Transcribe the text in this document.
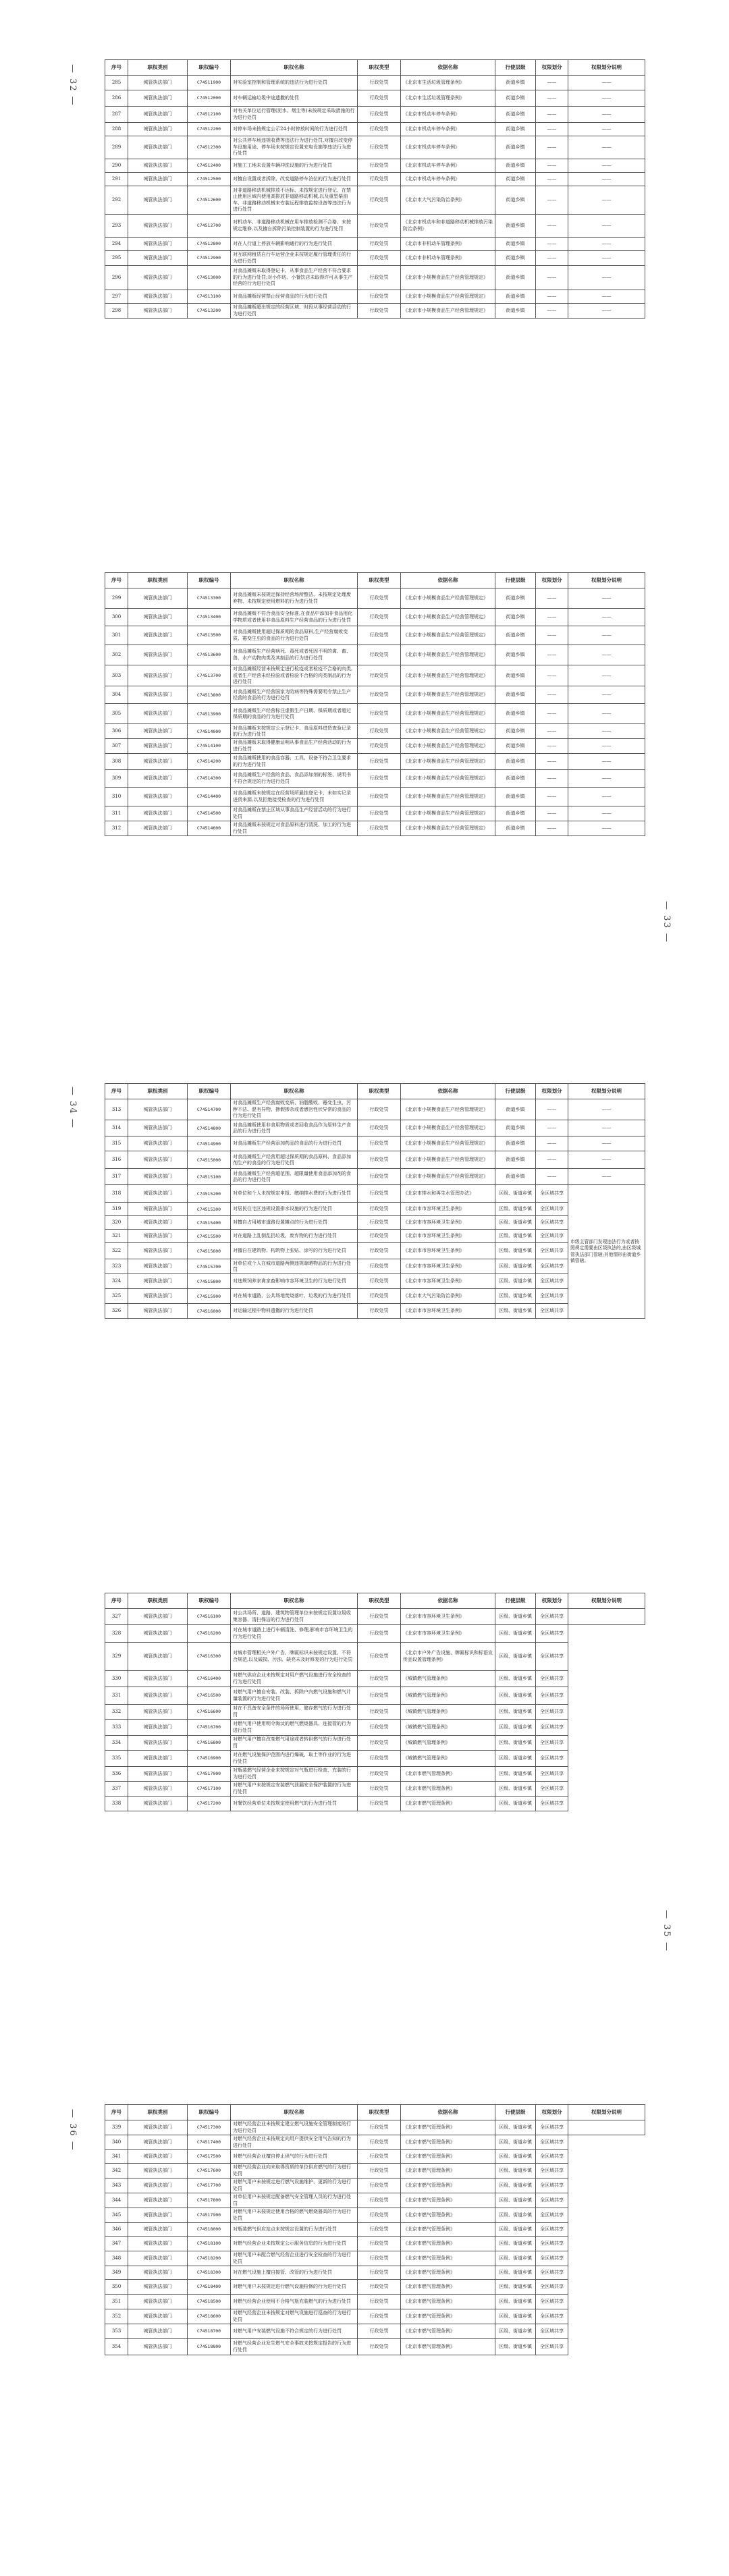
— 32 —	序号	职权类别	职权编号	职权名称	职权类型	依据名称	行使层级	权限划分	权限划分说明
285	城管执法部门	C74511900	对实验室控制和管理系统的违法行为进行处罚	行政处罚	《北京市生活垃圾管理条例》	街道乡镇	——	——
286	城管执法部门	C74512000	对车辆运输垃圾中途遗撒的处罚	行政处罚	《北京市生活垃圾管理条例》	街道乡镇	——	——
287	城管执法部门	C74512100	对有关单位运行管理(泥水、烟尘等)未按规定采取措施的行为进行处罚	行政处罚	《北京市机动车停车条例》	街道乡镇	——	——
288	城管执法部门	C74512200	对停车场未按规定公示24小时停放时间的行为进行处罚	行政处罚	《北京市机动车停车条例》	街道乡镇	——	——
289	城管执法部门	C74512300	对公共停车场违规收费等违法行为进行处罚,对擅自改变停车设施用途、停车场未按规定设置充电设施等违法行为进行处罚	行政处罚	《北京市机动车停车条例》	街道乡镇	——	——
290	城管执法部门	C74512400	对施工工地未设置车辆冲洗设施的行为进行处罚	行政处罚	《北京市机动车停车条例》	街道乡镇	——	——
291	城管执法部门	C74512500	对擅自设置或者拆除、改变道路停车泊位的行为进行处罚	行政处罚	《北京市机动车停车条例》	街道乡镇	——	——
292	城管执法部门	C74512600	对非道路移动机械排放不达标、未按规定进行登记、在禁止使用区域内使用高排放非道路移动机械,以及重型柴油车、非道路移动机械未安装远程排放监控设备等违法行为进行处罚	行政处罚	《北京市大气污染防治条例》	街道乡镇	——	——
293	城管执法部门	C74512700	对机动车、非道路移动机械在用车排放检测不合格、未按规定维修,以及擅自拆除污染控制装置的行为进行处罚	行政处罚	《北京市机动车和非道路移动机械排放污染防治条例》	街道乡镇	——	——
294	城管执法部门	C74512800	对在人行道上停放车辆影响通行的行为进行处罚	行政处罚	《北京市非机动车管理条例》	街道乡镇	——	——
295	城管执法部门	C74512900	对互联网租赁自行车运营企业未按规定履行管理责任的行为进行处罚	行政处罚	《北京市非机动车管理条例》	街道乡镇	——	——
296	城管执法部门	C74513000	对食品摊贩未取得登记卡、从事食品生产经营不符合要求的行为进行处罚;对小作坊、小餐饮店未取得许可从事生产经营的行为进行处罚	行政处罚	《北京市小规模食品生产经营管理规定》	街道乡镇	——	——
297	城管执法部门	C74513100	对食品摊贩经营禁止经营食品的行为进行处罚	行政处罚	《北京市小规模食品生产经营管理规定》	街道乡镇	——	——
298	城管执法部门	C74513200	对食品摊贩超出规定的经营区域、时段从事经营活动的行为进行处罚	行政处罚	《北京市小规模食品生产经营管理规定》	街道乡镇	——	——
— 33 —
序号	职权类别	职权编号	职权名称	职权类型	依据名称	行使层级	权限划分	权限划分说明
299	城管执法部门	C74513300	对食品摊贩未按规定保持经营场所整洁、未按规定处理废弃物、未按规定使用燃料的行为进行处罚	行政处罚	《北京市小规模食品生产经营管理规定》	街道乡镇	——	——
300	城管执法部门	C74513400	对食品摊贩不符合食品安全标准,在食品中添加非食品用化学物质或者使用非食品原料生产经营食品的行为进行处罚	行政处罚	《北京市小规模食品生产经营管理规定》	街道乡镇	——	——
301	城管执法部门	C74513500	对食品摊贩使用超过保质期的食品原料,生产经营腐败变质、霉变生虫的食品的行为进行处罚	行政处罚	《北京市小规模食品生产经营管理规定》	街道乡镇	——	——
302	城管执法部门	C74513600	对食品摊贩生产经营病死、毒死或者死因不明的禽、畜、兽、水产动物肉类及其制品的行为进行处罚	行政处罚	《北京市小规模食品生产经营管理规定》	街道乡镇	——	——
303	城管执法部门	C74513700	对食品摊贩经营未按规定进行检疫或者检疫不合格的肉类,或者生产经营未经检验或者检验不合格的肉类制品的行为进行处罚	行政处罚	《北京市小规模食品生产经营管理规定》	街道乡镇	——	——
304	城管执法部门	C74513800	对食品摊贩生产经营国家为防病等特殊需要明令禁止生产经营的食品的行为进行处罚	行政处罚	《北京市小规模食品生产经营管理规定》	街道乡镇	——	——
305	城管执法部门	C74513900	对食品摊贩生产经营标注虚假生产日期、保质期或者超过保质期的食品的行为进行处罚	行政处罚	《北京市小规模食品生产经营管理规定》	街道乡镇	——	——
306	城管执法部门	C74514000	对食品摊贩未按规定公示登记卡、食品原料进货查验记录的行为进行处罚	行政处罚	《北京市小规模食品生产经营管理规定》	街道乡镇	——	——
307	城管执法部门	C74514100	对食品摊贩未取得健康证明从事食品生产经营活动的行为进行处罚	行政处罚	《北京市小规模食品生产经营管理规定》	街道乡镇	——	——
308	城管执法部门	C74514200	对食品摊贩使用的食品容器、工具、设备不符合卫生要求的行为进行处罚	行政处罚	《北京市小规模食品生产经营管理规定》	街道乡镇	——	——
309	城管执法部门	C74514300	对食品摊贩生产经营的食品、食品添加剂的标签、说明书不符合规定的行为进行处罚	行政处罚	《北京市小规模食品生产经营管理规定》	街道乡镇	——	——
310	城管执法部门	C74514400	对食品摊贩未按规定在经营场所悬挂登记卡、未如实记录进货来源,以及拒绝接受检查的行为进行处罚	行政处罚	《北京市小规模食品生产经营管理规定》	街道乡镇	——	——
311	城管执法部门	C74514500	对食品摊贩在禁止区域从事食品生产经营活动的行为进行处罚	行政处罚	《北京市小规模食品生产经营管理规定》	街道乡镇	——	——
312	城管执法部门	C74514600	对食品摊贩未按规定对食品原料进行清洗、加工的行为进行处罚	行政处罚	《北京市小规模食品生产经营管理规定》	街道乡镇	——	——
— 34 —	序号	职权类别	职权编号	职权名称	职权类型	依据名称	行使层级	权限划分	权限划分说明
313	城管执法部门	C74514700	对食品摊贩生产经营腐败变质、油脂酸败、霉变生虫、污秽不洁、混有异物、掺假掺杂或者感官性状异常的食品的行为进行处罚	行政处罚	《北京市小规模食品生产经营管理规定》	街道乡镇	——	——
314	城管执法部门	C74514800	对食品摊贩使用非食用物质或者回收食品作为原料生产食品的行为进行处罚	行政处罚	《北京市小规模食品生产经营管理规定》	街道乡镇	——	——
315	城管执法部门	C74514900	对食品摊贩生产经营添加药品的食品的行为进行处罚	行政处罚	《北京市小规模食品生产经营管理规定》	街道乡镇	——	——
316	城管执法部门	C74515000	对食品摊贩生产经营用超过保质期的食品原料、食品添加剂生产的食品的行为进行处罚	行政处罚	《北京市小规模食品生产经营管理规定》	街道乡镇	——	——
317	城管执法部门	C74515100	对食品摊贩生产经营超范围、超限量使用食品添加剂的食品的行为进行处罚	行政处罚	《北京市小规模食品生产经营管理规定》	街道乡镇	——	——
318	城管执法部门	C74515200	对单位和个人未按规定申报、缴纳排水费的行为进行处罚	行政处罚	《北京市排水和再生水管理办法》	区级、街道乡镇	全区域共享	市级主管部门发现违法行为或者按照规定需要由区级执法的,由区级城管执法部门管辖;其他情形由街道乡镇管辖。
319	城管执法部门	C74515300	对居民住宅区违规设置排水设施的行为进行处罚	行政处罚	《北京市市容环境卫生条例》	区级、街道乡镇	全区域共享	
320	城管执法部门	C74515400	对擅自占用城市道路设置摊点的行为进行处罚	行政处罚	《北京市市容环境卫生条例》	区级、街道乡镇	全区域共享	
321	城管执法部门	C74515500	对在道路上乱倒乱扔垃圾、废弃物的行为进行处罚	行政处罚	《北京市市容环境卫生条例》	区级、街道乡镇	全区域共享	
322	城管执法部门	C74515600	对擅自在建筑物、构筑物上张贴、涂写的行为进行处罚	行政处罚	《北京市市容环境卫生条例》	区级、街道乡镇	全区域共享	
323	城管执法部门	C74515700	对单位或个人在城市道路两侧违规晾晒物品的行为进行处罚	行政处罚	《北京市市容环境卫生条例》	区级、街道乡镇	全区域共享	
324	城管执法部门	C74515800	对违规饲养家禽家畜影响市容环境卫生的行为进行处罚	行政处罚	《北京市市容环境卫生条例》	区级、街道乡镇	全区域共享	
325	城管执法部门	C74515900	对在城市道路、公共场地焚烧落叶、垃圾的行为进行处罚	行政处罚	《北京市大气污染防治条例》	区级、街道乡镇	全区域共享	
326	城管执法部门	C74516000	对运输过程中物料遗撒的行为进行处罚	行政处罚	《北京市市容环境卫生条例》	区级、街道乡镇	全区域共享	
— 35 —
序号	职权类别	职权编号	职权名称	职权类型	依据名称	行使层级	权限划分	权限划分说明
327	城管执法部门	C74516100	对公共场所、道路、建筑物管理单位未按规定设置垃圾收集容器、清扫保洁的行为进行处罚	行政处罚	《北京市市容环境卫生条例》	区级、街道乡镇	全区域共享	
328	城管执法部门	C74516200	对在城市道路上进行车辆清洗、修理,影响市容环境卫生的行为进行处罚	行政处罚	《北京市市容环境卫生条例》	区级、街道乡镇	全区域共享	
329	城管执法部门	C74516300	对城市管理相关户外广告、牌匾标识未按规定设置、不符合规范,以及破损、污浊、缺亮未及时修复的行为进行处罚	行政处罚	《北京市户外广告设施、牌匾标识和标语宣传品设置管理条例》	区级、街道乡镇	全区域共享	
330	城管执法部门	C74516400	对燃气供应企业未按规定对用户燃气设施进行安全检查的行为进行处罚	行政处罚	《城镇燃气管理条例》	区级、街道乡镇	全区域共享	
331	城管执法部门	C74516500	对燃气用户擅自安装、改装、拆除户内燃气设施和燃气计量装置的行为进行处罚	行政处罚	《城镇燃气管理条例》	区级、街道乡镇	全区域共享	
332	城管执法部门	C74516600	对在不具备安全条件的场所使用、储存燃气的行为进行处罚	行政处罚	《城镇燃气管理条例》	区级、街道乡镇	全区域共享	
333	城管执法部门	C74516700	对燃气用户使用明令淘汰的燃气燃烧器具、连接管的行为进行处罚	行政处罚	《城镇燃气管理条例》	区级、街道乡镇	全区域共享	
334	城管执法部门	C74516800	对燃气用户擅自改变燃气用途或者转供燃气的行为进行处罚	行政处罚	《城镇燃气管理条例》	区级、街道乡镇	全区域共享	
335	城管执法部门	C74516900	对在燃气设施保护范围内进行爆破、取土等作业的行为进行处罚	行政处罚	《城镇燃气管理条例》	区级、街道乡镇	全区域共享	
336	城管执法部门	C74517000	对瓶装燃气经营企业未按规定对气瓶进行检查、充装的行为进行处罚	行政处罚	《北京市燃气管理条例》	区级、街道乡镇	全区域共享	
337	城管执法部门	C74517100	对燃气用户未按规定安装燃气泄漏安全保护装置的行为进行处罚	行政处罚	《北京市燃气管理条例》	区级、街道乡镇	全区域共享	
338	城管执法部门	C74517200	对餐饮经营单位未按规定使用燃气的行为进行处罚	行政处罚	《北京市燃气管理条例》	区级、街道乡镇	全区域共享	
— 36 —	序号	职权类别	职权编号	职权名称	职权类型	依据名称	行使层级	权限划分	权限划分说明
339	城管执法部门	C74517300	对燃气经营企业未按规定建立燃气设施安全管理制度的行为进行处罚	行政处罚	《北京市燃气管理条例》	区级、街道乡镇	全区域共享	
340	城管执法部门	C74517400	对燃气经营企业未按规定向用户提供安全用气告知的行为进行处罚	行政处罚	《北京市燃气管理条例》	区级、街道乡镇	全区域共享	
341	城管执法部门	C74517500	对燃气经营企业擅自停止供气的行为进行处罚	行政处罚	《北京市燃气管理条例》	区级、街道乡镇	全区域共享	
342	城管执法部门	C74517600	对燃气经营企业向未取得资质的单位供应燃气的行为进行处罚	行政处罚	《北京市燃气管理条例》	区级、街道乡镇	全区域共享	
343	城管执法部门	C74517700	对燃气用户未按规定进行燃气设施维护、更新的行为进行处罚	行政处罚	《北京市燃气管理条例》	区级、街道乡镇	全区域共享	
344	城管执法部门	C74517800	对单位用户未按规定配备燃气安全管理人员的行为进行处罚	行政处罚	《北京市燃气管理条例》	区级、街道乡镇	全区域共享	
345	城管执法部门	C74517900	对燃气用户未按规定使用合格的燃气燃烧器具的行为进行处罚	行政处罚	《北京市燃气管理条例》	区级、街道乡镇	全区域共享	
346	城管执法部门	C74518000	对瓶装燃气供应站点未按规定设置的行为进行处罚	行政处罚	《北京市燃气管理条例》	区级、街道乡镇	全区域共享	
347	城管执法部门	C74518100	对燃气经营企业未按规定公示服务信息的行为进行处罚	行政处罚	《北京市燃气管理条例》	区级、街道乡镇	全区域共享	
348	城管执法部门	C74518200	对燃气用户未配合燃气经营企业进行安全检查的行为进行处罚	行政处罚	《北京市燃气管理条例》	区级、街道乡镇	全区域共享	
349	城管执法部门	C74518300	对在燃气设施上擅自接管、改管的行为进行处罚	行政处罚	《北京市燃气管理条例》	区级、街道乡镇	全区域共享	
350	城管执法部门	C74518400	对燃气用户未按规定进行燃气设施检修的行为进行处罚	行政处罚	《北京市燃气管理条例》	区级、街道乡镇	全区域共享	
351	城管执法部门	C74518500	对燃气经营企业使用不合格气瓶充装燃气的行为进行处罚	行政处罚	《北京市燃气管理条例》	区级、街道乡镇	全区域共享	
352	城管执法部门	C74518600	对燃气经营企业未按规定对燃气设施进行巡查的行为进行处罚	行政处罚	《北京市燃气管理条例》	区级、街道乡镇	全区域共享	
353	城管执法部门	C74518700	对燃气用户安装燃气设施不符合规定的行为进行处罚	行政处罚	《北京市燃气管理条例》	区级、街道乡镇	全区域共享	
354	城管执法部门	C74518800	对燃气经营企业发生燃气安全事故未按规定报告的行为进行处罚	行政处罚	《北京市燃气管理条例》	区级、街道乡镇	全区域共享	
